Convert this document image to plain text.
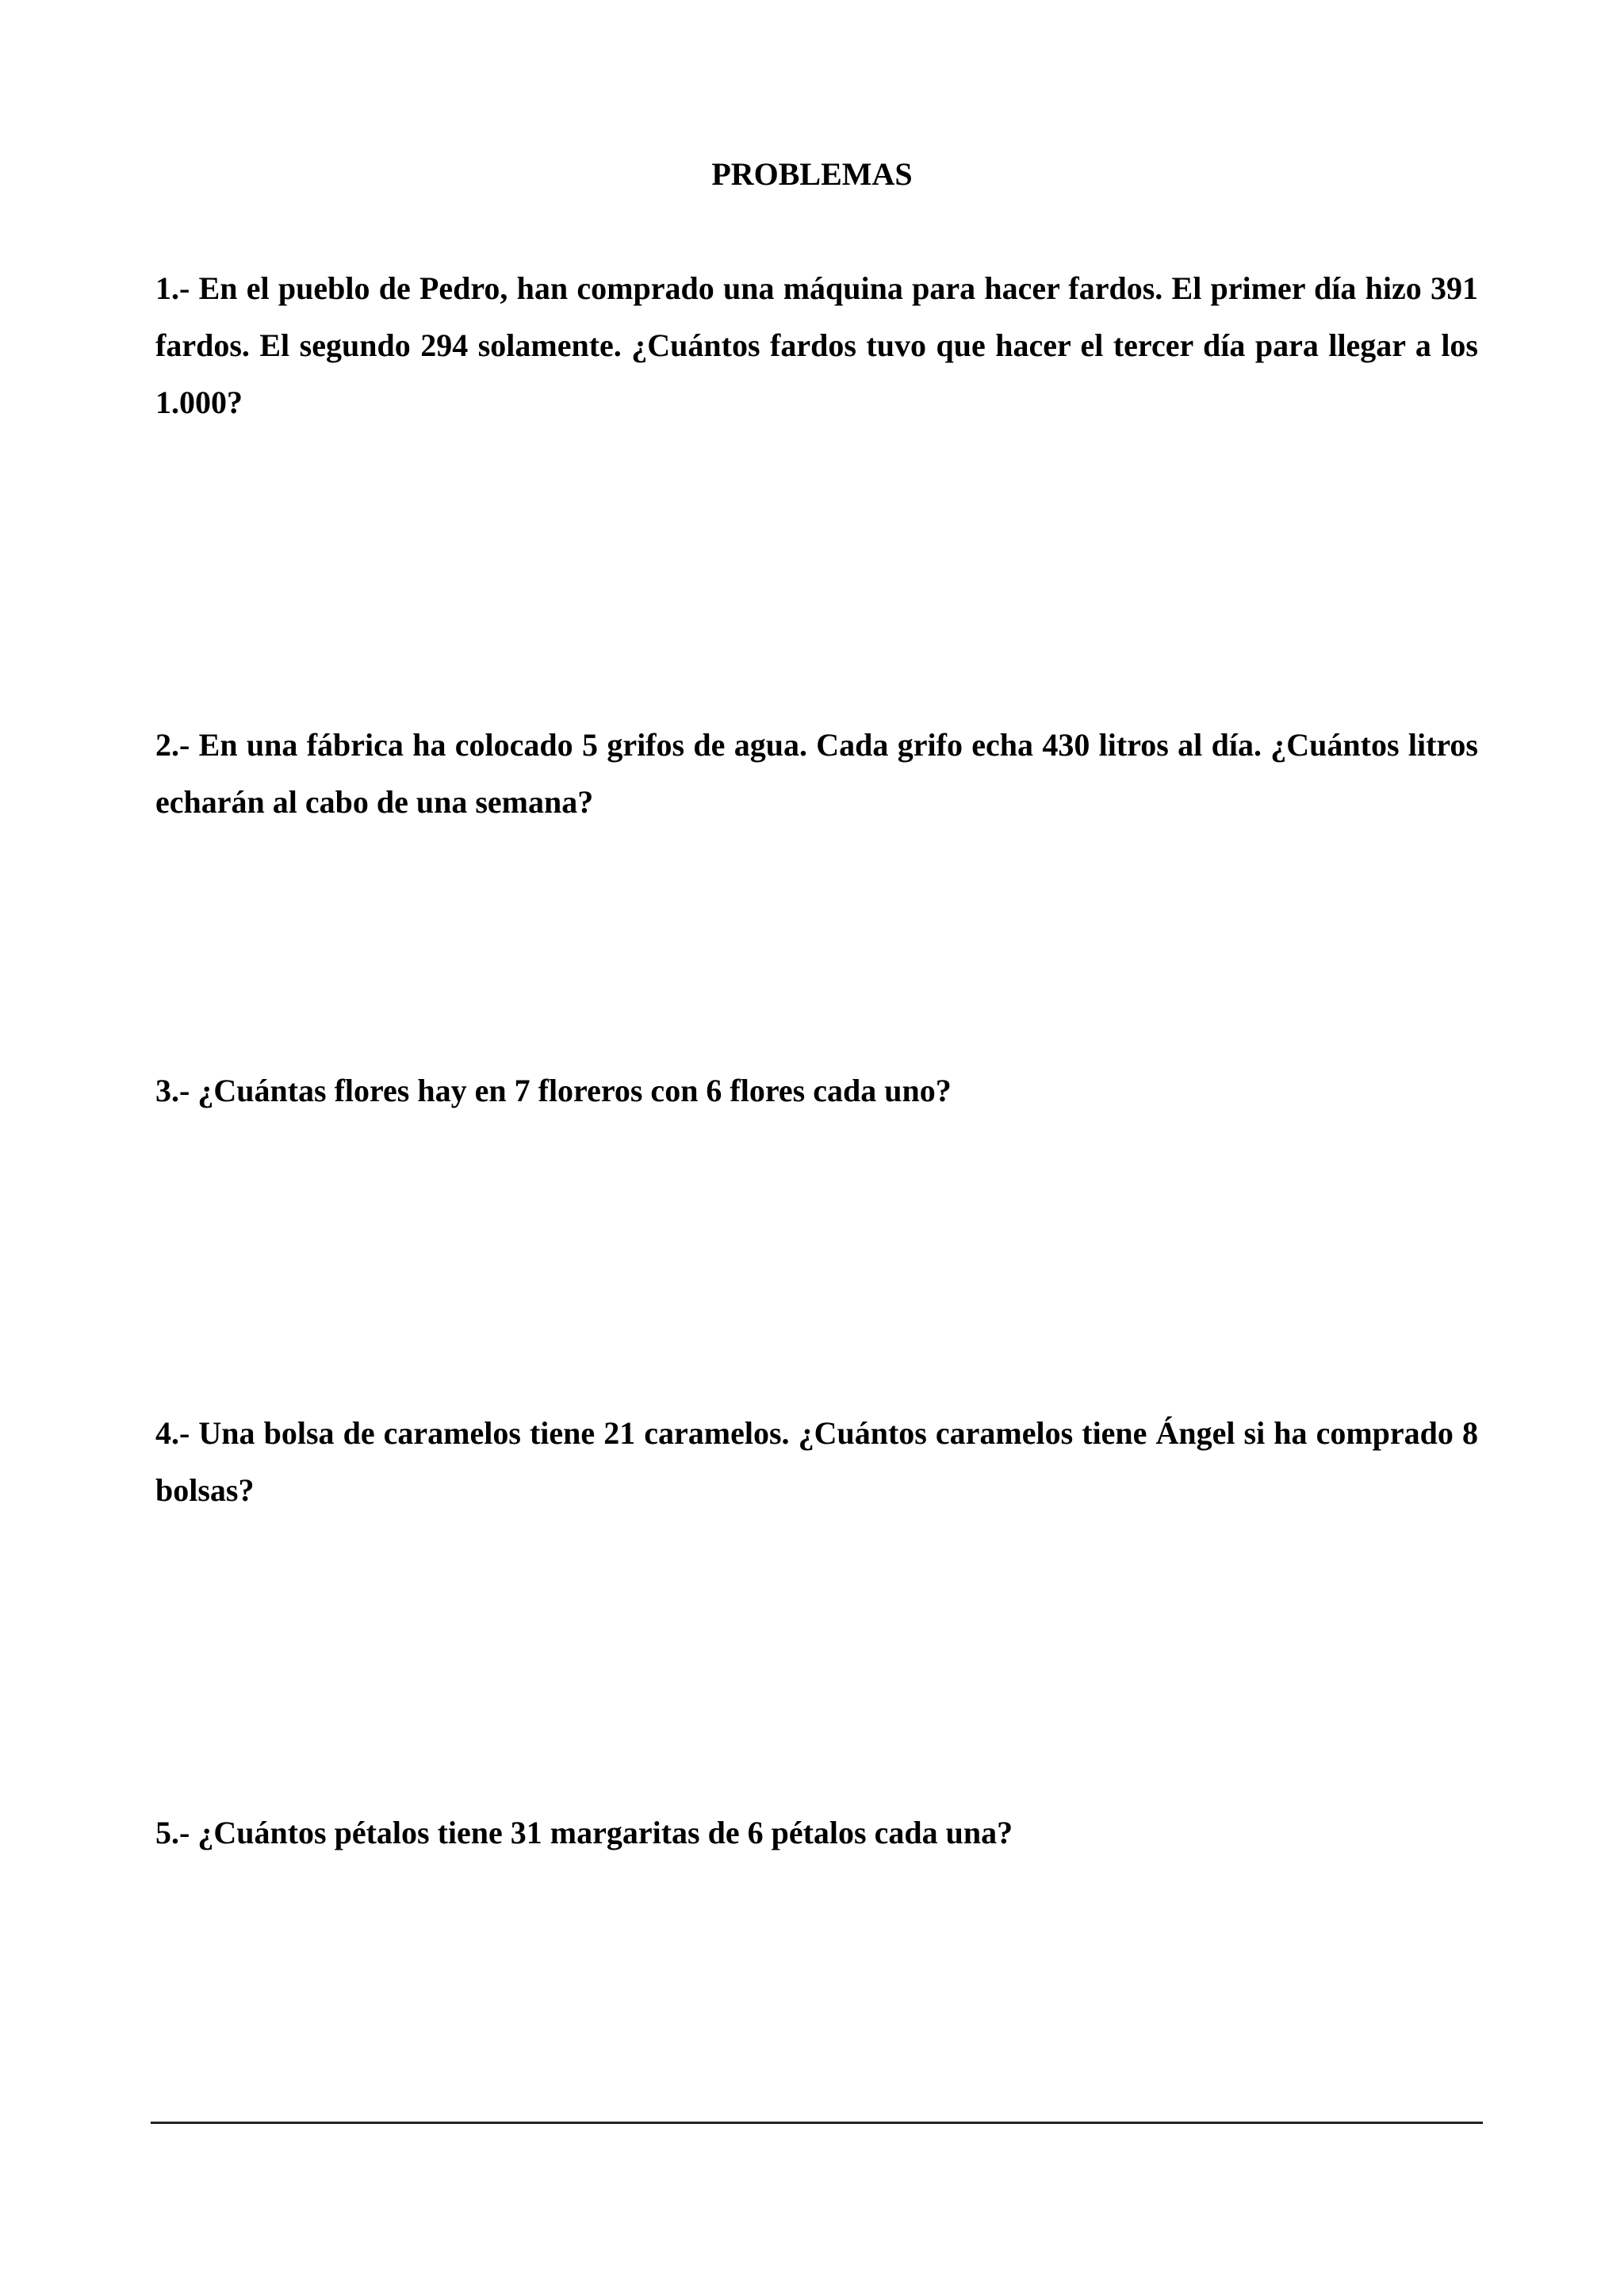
PROBLEMAS

1.- En el pueblo de Pedro, han comprado una máquina para hacer fardos. El primer día hizo 391 fardos. El segundo 294 solamente. ¿Cuántos fardos tuvo que hacer el tercer día para llegar a los 1.000?

2.- En una fábrica ha colocado 5 grifos de agua. Cada grifo echa 430 litros al día. ¿Cuántos litros echarán al cabo de una semana?

3.- ¿Cuántas flores hay en 7 floreros con 6 flores cada uno?

4.- Una bolsa de caramelos tiene 21 caramelos. ¿Cuántos caramelos tiene Ángel si ha comprado 8 bolsas?

5.- ¿Cuántos pétalos tiene 31 margaritas de 6 pétalos cada una?
